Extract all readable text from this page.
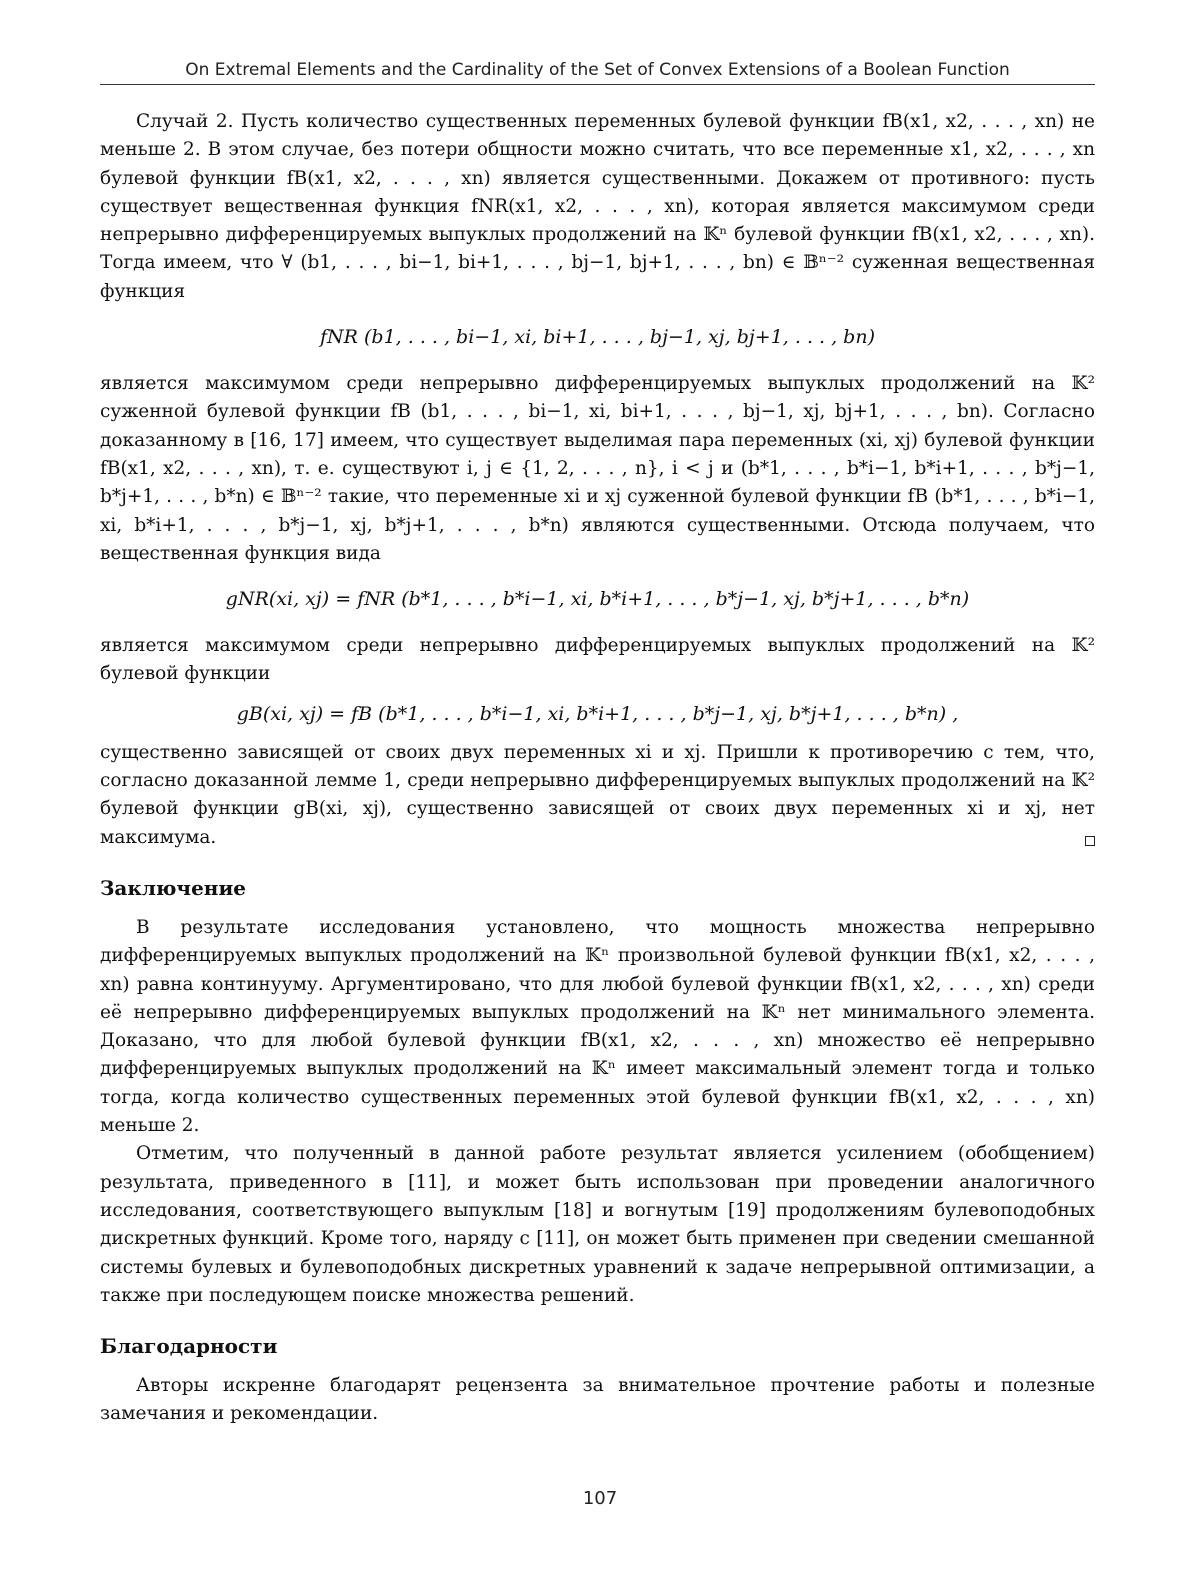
On Extremal Elements and the Cardinality of the Set of Convex Extensions of a Boolean Function

Случай 2. Пусть количество существенных переменных булевой функции fB(x1, x2, . . . , xn) не меньше 2. В этом случае, без потери общности можно считать, что все переменные x1, x2, . . . , xn булевой функции fB(x1, x2, . . . , xn) является существенными. Докажем от противного: пусть существует вещественная функция fNR(x1, x2, . . . , xn), которая является максимумом среди непрерывно дифференцируемых выпуклых продолжений на 𝕂ⁿ булевой функции fB(x1, x2, . . . , xn). Тогда имеем, что ∀ (b1, . . . , bi−1, bi+1, . . . , bj−1, bj+1, . . . , bn) ∈ 𝔹ⁿ⁻² суженная вещественная функция

fNR (b1, . . . , bi−1, xi, bi+1, . . . , bj−1, xj, bj+1, . . . , bn)

является максимумом среди непрерывно дифференцируемых выпуклых продолжений на 𝕂² суженной булевой функции fB (b1, . . . , bi−1, xi, bi+1, . . . , bj−1, xj, bj+1, . . . , bn). Согласно доказанному в [16, 17] имеем, что существует выделимая пара переменных (xi, xj) булевой функции fB(x1, x2, . . . , xn), т. е. существуют i, j ∈ {1, 2, . . . , n}, i < j и (b*1, . . . , b*i−1, b*i+1, . . . , b*j−1, b*j+1, . . . , b*n) ∈ 𝔹ⁿ⁻² такие, что переменные xi и xj суженной булевой функции fB (b*1, . . . , b*i−1, xi, b*i+1, . . . , b*j−1, xj, b*j+1, . . . , b*n) являются существенными. Отсюда получаем, что вещественная функция вида

gNR(xi, xj) = fNR (b*1, . . . , b*i−1, xi, b*i+1, . . . , b*j−1, xj, b*j+1, . . . , b*n)

является максимумом среди непрерывно дифференцируемых выпуклых продолжений на 𝕂² булевой функции

gB(xi, xj) = fB (b*1, . . . , b*i−1, xi, b*i+1, . . . , b*j−1, xj, b*j+1, . . . , b*n) ,

существенно зависящей от своих двух переменных xi и xj. Пришли к противоречию с тем, что, согласно доказанной лемме 1, среди непрерывно дифференцируемых выпуклых продолжений на 𝕂² булевой функции gB(xi, xj), существенно зависящей от своих двух переменных xi и xj, нет максимума.

Заключение

В результате исследования установлено, что мощность множества непрерывно дифференцируемых выпуклых продолжений на 𝕂ⁿ произвольной булевой функции fB(x1, x2, . . . , xn) равна континууму. Аргументировано, что для любой булевой функции fB(x1, x2, . . . , xn) среди её непрерывно дифференцируемых выпуклых продолжений на 𝕂ⁿ нет минимального элемента. Доказано, что для любой булевой функции fB(x1, x2, . . . , xn) множество её непрерывно дифференцируемых выпуклых продолжений на 𝕂ⁿ имеет максимальный элемент тогда и только тогда, когда количество существенных переменных этой булевой функции fB(x1, x2, . . . , xn) меньше 2.

Отметим, что полученный в данной работе результат является усилением (обобщением) результата, приведенного в [11], и может быть использован при проведении аналогичного исследования, соответствующего выпуклым [18] и вогнутым [19] продолжениям булевоподобных дискретных функций. Кроме того, наряду с [11], он может быть применен при сведении смешанной системы булевых и булевоподобных дискретных уравнений к задаче непрерывной оптимизации, а также при последующем поиске множества решений.

Благодарности

Авторы искренне благодарят рецензента за внимательное прочтение работы и полезные замечания и рекомендации.

107
